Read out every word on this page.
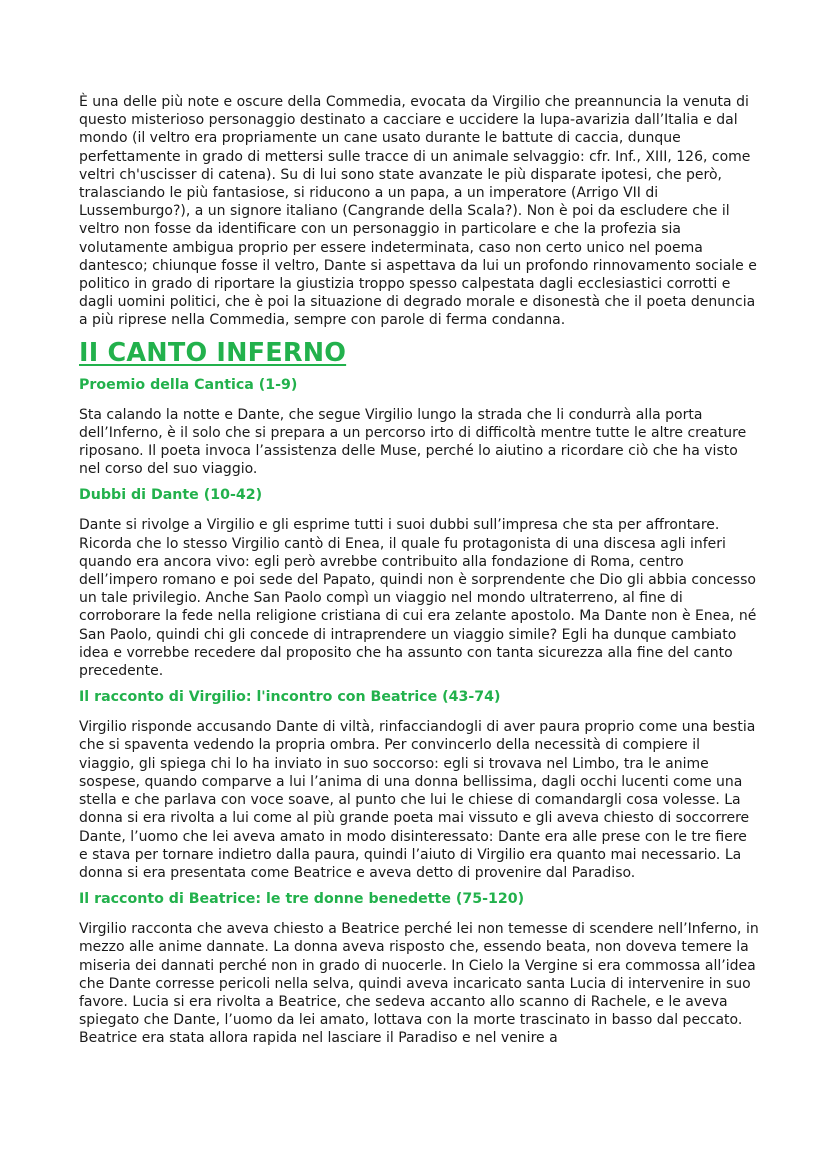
È una delle più note e oscure della Commedia, evocata da Virgilio che preannuncia la venuta di questo misterioso personaggio destinato a cacciare e uccidere la lupa-avarizia dall’Italia e dal mondo (il veltro era propriamente un cane usato durante le battute di caccia, dunque perfettamente in grado di mettersi sulle tracce di un animale selvaggio: cfr. Inf., XIII, 126, come veltri ch'uscisser di catena). Su di lui sono state avanzate le più disparate ipotesi, che però, tralasciando le più fantasiose, si riducono a un papa, a un imperatore (Arrigo VII di Lussemburgo?), a un signore italiano (Cangrande della Scala?). Non è poi da escludere che il veltro non fosse da identificare con un personaggio in particolare e che la profezia sia volutamente ambigua proprio per essere indeterminata, caso non certo unico nel poema dantesco; chiunque fosse il veltro, Dante si aspettava da lui un profondo rinnovamento sociale e politico in grado di riportare la giustizia troppo spesso calpestata dagli ecclesiastici corrotti e dagli uomini politici, che è poi la situazione di degrado morale e disonestà che il poeta denuncia a più riprese nella Commedia, sempre con parole di ferma condanna.

II CANTO INFERNO
Proemio della Cantica (1-9)

Sta calando la notte e Dante, che segue Virgilio lungo la strada che li condurrà alla porta dell’Inferno, è il solo che si prepara a un percorso irto di difficoltà mentre tutte le altre creature riposano. Il poeta invoca l’assistenza delle Muse, perché lo aiutino a ricordare ciò che ha visto nel corso del suo viaggio.

Dubbi di Dante (10-42)

Dante si rivolge a Virgilio e gli esprime tutti i suoi dubbi sull’impresa che sta per affrontare. Ricorda che lo stesso Virgilio cantò di Enea, il quale fu protagonista di una discesa agli inferi quando era ancora vivo: egli però avrebbe contribuito alla fondazione di Roma, centro dell’impero romano e poi sede del Papato, quindi non è sorprendente che Dio gli abbia concesso un tale privilegio. Anche San Paolo compì un viaggio nel mondo ultraterreno, al fine di corroborare la fede nella religione cristiana di cui era zelante apostolo. Ma Dante non è Enea, né San Paolo, quindi chi gli concede di intraprendere un viaggio simile? Egli ha dunque cambiato idea e vorrebbe recedere dal proposito che ha assunto con tanta sicurezza alla fine del canto precedente.

Il racconto di Virgilio: l'incontro con Beatrice (43-74)

Virgilio risponde accusando Dante di viltà, rinfacciandogli di aver paura proprio come una bestia che si spaventa vedendo la propria ombra. Per convincerlo della necessità di compiere il viaggio, gli spiega chi lo ha inviato in suo soccorso: egli si trovava nel Limbo, tra le anime sospese, quando comparve a lui l’anima di una donna bellissima, dagli occhi lucenti come una stella e che parlava con voce soave, al punto che lui le chiese di comandargli cosa volesse. La donna si era rivolta a lui come al più grande poeta mai vissuto e gli aveva chiesto di soccorrere Dante, l’uomo che lei aveva amato in modo disinteressato: Dante era alle prese con le tre fiere e stava per tornare indietro dalla paura, quindi l’aiuto di Virgilio era quanto mai necessario. La donna si era presentata come Beatrice e aveva detto di provenire dal Paradiso.

Il racconto di Beatrice: le tre donne benedette (75-120)

Virgilio racconta che aveva chiesto a Beatrice perché lei non temesse di scendere nell’Inferno, in mezzo alle anime dannate. La donna aveva risposto che, essendo beata, non doveva temere la miseria dei dannati perché non in grado di nuocerle. In Cielo la Vergine si era commossa all’idea che Dante corresse pericoli nella selva, quindi aveva incaricato santa Lucia di intervenire in suo favore. Lucia si era rivolta a Beatrice, che sedeva accanto allo scanno di Rachele, e le aveva spiegato che Dante, l’uomo da lei amato, lottava con la morte trascinato in basso dal peccato. Beatrice era stata allora rapida nel lasciare il Paradiso e nel venire a
